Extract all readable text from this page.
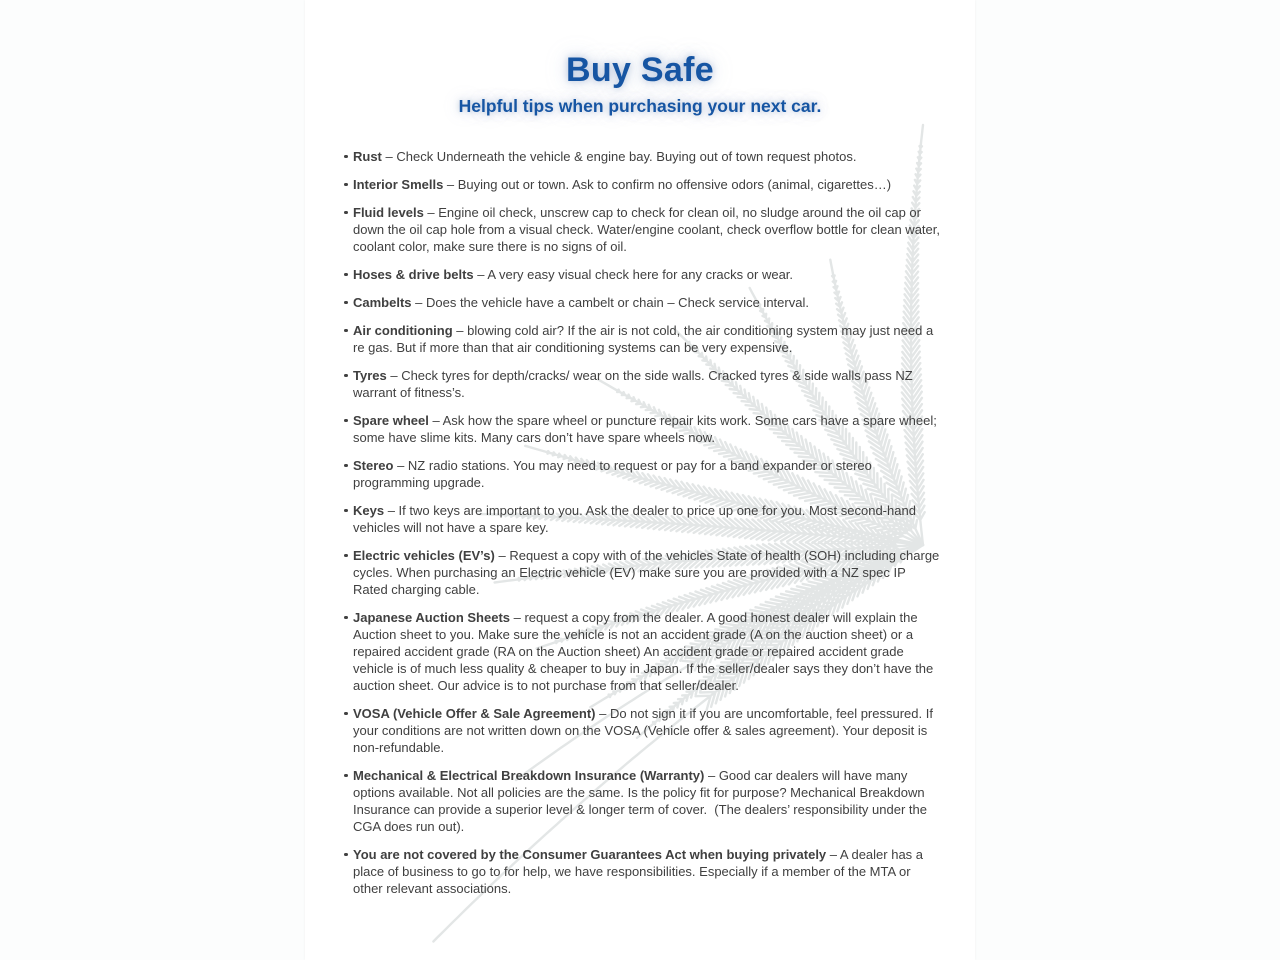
Buy Safe
Helpful tips when purchasing your next car.
Rust – Check Underneath the vehicle & engine bay. Buying out of town request photos.
Interior Smells – Buying out or town. Ask to confirm no offensive odors (animal, cigarettes…)
Fluid levels – Engine oil check, unscrew cap to check for clean oil, no sludge around the oil cap or down the oil cap hole from a visual check. Water/engine coolant, check overflow bottle for clean water, coolant color, make sure there is no signs of oil.
Hoses & drive belts – A very easy visual check here for any cracks or wear.
Cambelts – Does the vehicle have a cambelt or chain – Check service interval.
Air conditioning – blowing cold air? If the air is not cold, the air conditioning system may just need a re gas. But if more than that air conditioning systems can be very expensive.
Tyres – Check tyres for depth/cracks/ wear on the side walls. Cracked tyres & side walls pass NZ warrant of fitness’s.
Spare wheel – Ask how the spare wheel or puncture repair kits work. Some cars have a spare wheel; some have slime kits. Many cars don’t have spare wheels now.
Stereo – NZ radio stations. You may need to request or pay for a band expander or stereo programming upgrade.
Keys – If two keys are important to you. Ask the dealer to price up one for you. Most second-hand vehicles will not have a spare key.
Electric vehicles (EV’s) – Request a copy with of the vehicles State of health (SOH) including charge cycles. When purchasing an Electric vehicle (EV) make sure you are provided with a NZ spec IP Rated charging cable.
Japanese Auction Sheets – request a copy from the dealer. A good honest dealer will explain the Auction sheet to you. Make sure the vehicle is not an accident grade (A on the auction sheet) or a repaired accident grade (RA on the Auction sheet) An accident grade or repaired accident grade vehicle is of much less quality & cheaper to buy in Japan. If the seller/dealer says they don’t have the auction sheet. Our advice is to not purchase from that seller/dealer.
VOSA (Vehicle Offer & Sale Agreement) – Do not sign it if you are uncomfortable, feel pressured. If your conditions are not written down on the VOSA (Vehicle offer & sales agreement). Your deposit is non-refundable.
Mechanical & Electrical Breakdown Insurance (Warranty) – Good car dealers will have many options available. Not all policies are the same. Is the policy fit for purpose? Mechanical Breakdown Insurance can provide a superior level & longer term of cover.  (The dealers’ responsibility under the CGA does run out).
You are not covered by the Consumer Guarantees Act when buying privately – A dealer has a place of business to go to for help, we have responsibilities. Especially if a member of the MTA or other relevant associations.
